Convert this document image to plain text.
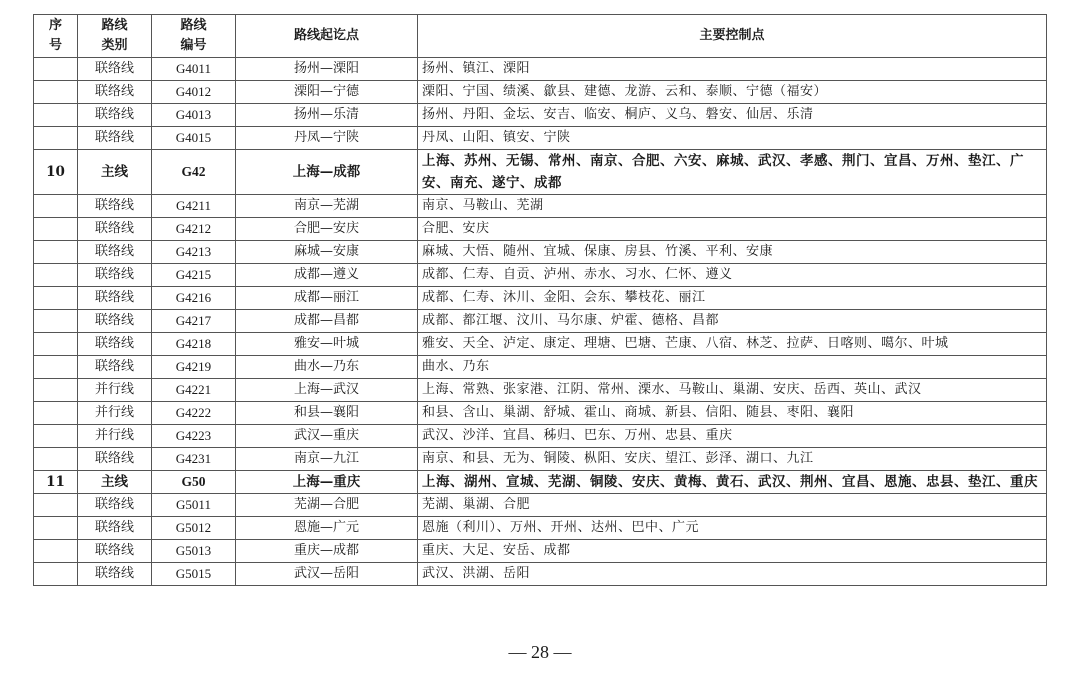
序号	路线类别	路线编号	路线起讫点	主要控制点
	联络线	G4011	扬州—溧阳	扬州、镇江、溧阳
	联络线	G4012	溧阳—宁德	溧阳、宁国、绩溪、歙县、建德、龙游、云和、泰顺、宁德（福安）
	联络线	G4013	扬州—乐清	扬州、丹阳、金坛、安吉、临安、桐庐、义乌、磐安、仙居、乐清
	联络线	G4015	丹凤—宁陕	丹凤、山阳、镇安、宁陕
10	主线	G42	上海—成都	上海、苏州、无锡、常州、南京、合肥、六安、麻城、武汉、孝感、荆门、宜昌、万州、垫江、广安、南充、遂宁、成都
	联络线	G4211	南京—芜湖	南京、马鞍山、芜湖
	联络线	G4212	合肥—安庆	合肥、安庆
	联络线	G4213	麻城—安康	麻城、大悟、随州、宜城、保康、房县、竹溪、平利、安康
	联络线	G4215	成都—遵义	成都、仁寿、自贡、泸州、赤水、习水、仁怀、遵义
	联络线	G4216	成都—丽江	成都、仁寿、沐川、金阳、会东、攀枝花、丽江
	联络线	G4217	成都—昌都	成都、都江堰、汶川、马尔康、炉霍、德格、昌都
	联络线	G4218	雅安—叶城	雅安、天全、泸定、康定、理塘、巴塘、芒康、八宿、林芝、拉萨、日喀则、噶尔、叶城
	联络线	G4219	曲水—乃东	曲水、乃东
	并行线	G4221	上海—武汉	上海、常熟、张家港、江阴、常州、溧水、马鞍山、巢湖、安庆、岳西、英山、武汉
	并行线	G4222	和县—襄阳	和县、含山、巢湖、舒城、霍山、商城、新县、信阳、随县、枣阳、襄阳
	并行线	G4223	武汉—重庆	武汉、沙洋、宜昌、秭归、巴东、万州、忠县、重庆
	联络线	G4231	南京—九江	南京、和县、无为、铜陵、枞阳、安庆、望江、彭泽、湖口、九江
11	主线	G50	上海—重庆	上海、湖州、宣城、芜湖、铜陵、安庆、黄梅、黄石、武汉、荆州、宜昌、恩施、忠县、垫江、重庆
	联络线	G5011	芜湖—合肥	芜湖、巢湖、合肥
	联络线	G5012	恩施—广元	恩施（利川）、万州、开州、达州、巴中、广元
	联络线	G5013	重庆—成都	重庆、大足、安岳、成都
	联络线	G5015	武汉—岳阳	武汉、洪湖、岳阳
— 28 —
